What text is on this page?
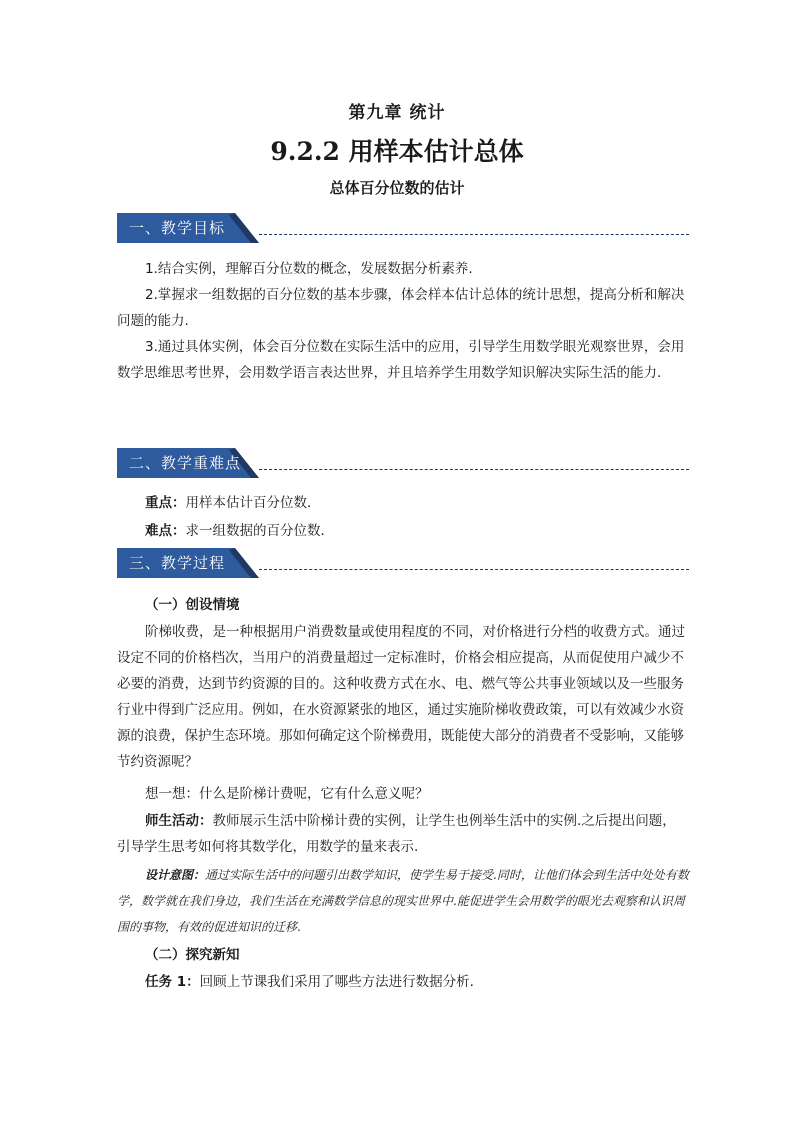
第九章 统计
9.2.2 用样本估计总体
总体百分位数的估计
一、教学目标

1.结合实例，理解百分位数的概念，发展数据分析素养.

2.掌握求一组数据的百分位数的基本步骤，体会样本估计总体的统计思想，提高分析和解决问题的能力.

3.通过具体实例，体会百分位数在实际生活中的应用，引导学生用数学眼光观察世界，会用数学思维思考世界，会用数学语言表达世界，并且培养学生用数学知识解决实际生活的能力.

二、教学重难点

重点：用样本估计百分位数．

难点：求一组数据的百分位数．

三、教学过程

（一）创设情境

阶梯收费，是一种根据用户消费数量或使用程度的不同，对价格进行分档的收费方式。通过设定不同的价格档次，当用户的消费量超过一定标准时，价格会相应提高，从而促使用户减少不必要的消费，达到节约资源的目的。这种收费方式在水、电、燃气等公共事业领域以及一些服务行业中得到广泛应用。例如，在水资源紧张的地区，通过实施阶梯收费政策，可以有效减少水资源的浪费，保护生态环境。那如何确定这个阶梯费用，既能使大部分的消费者不受影响，又能够节约资源呢？

想一想：什么是阶梯计费呢，它有什么意义呢？

师生活动：教师展示生活中阶梯计费的实例，让学生也例举生活中的实例.之后提出问题，引导学生思考如何将其数学化，用数学的量来表示.

设计意图：通过实际生活中的问题引出数学知识，使学生易于接受.同时，让他们体会到生活中处处有数学，数学就在我们身边，我们生活在充满数学信息的现实世界中.能促进学生会用数学的眼光去观察和认识周围的事物，有效的促进知识的迁移.

（二）探究新知

任务 1：回顾上节课我们采用了哪些方法进行数据分析.
